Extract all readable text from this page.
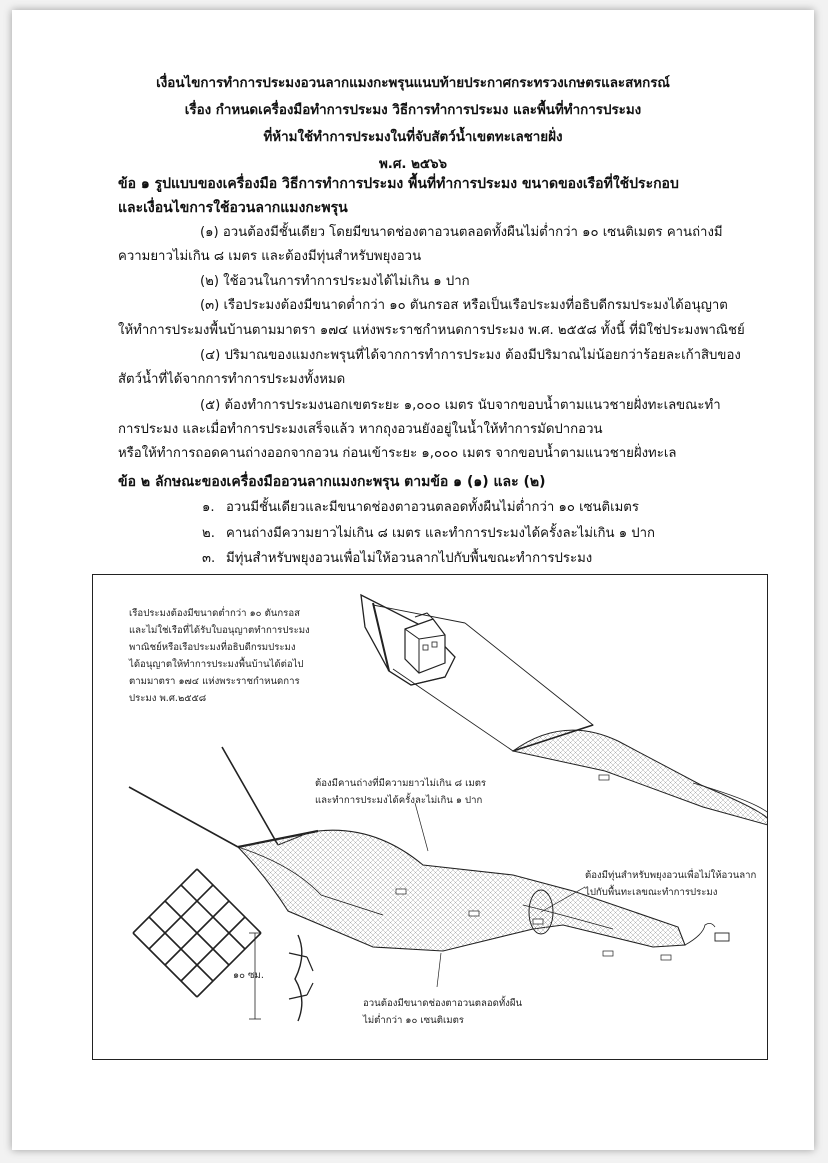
เงื่อนไขการทำการประมงอวนลากแมงกะพรุนแนบท้ายประกาศกระทรวงเกษตรและสหกรณ์
เรื่อง กำหนดเครื่องมือทำการประมง วิธีการทำการประมง และพื้นที่ทำการประมง
ที่ห้ามใช้ทำการประมงในที่จับสัตว์น้ำเขตทะเลชายฝั่ง
พ.ศ. ๒๕๖๖
ข้อ ๑ รูปแบบของเครื่องมือ วิธีการทำการประมง พื้นที่ทำการประมง ขนาดของเรือที่ใช้ประกอบ
และเงื่อนไขการใช้อวนลากแมงกะพรุน
(๑) อวนต้องมีชั้นเดียว โดยมีขนาดช่องตาอวนตลอดทั้งผืนไม่ต่ำกว่า ๑๐ เซนติเมตร คานถ่างมี
ความยาวไม่เกิน ๘ เมตร และต้องมีทุ่นสำหรับพยุงอวน
(๒) ใช้อวนในการทำการประมงได้ไม่เกิน ๑ ปาก
(๓) เรือประมงต้องมีขนาดต่ำกว่า ๑๐ ตันกรอส หรือเป็นเรือประมงที่อธิบดีกรมประมงได้อนุญาต
ให้ทำการประมงพื้นบ้านตามมาตรา ๑๗๔ แห่งพระราชกำหนดการประมง พ.ศ. ๒๕๕๘ ทั้งนี้ ที่มิใช่ประมงพาณิชย์
(๔) ปริมาณของแมงกะพรุนที่ได้จากการทำการประมง ต้องมีปริมาณไม่น้อยกว่าร้อยละเก้าสิบของ
สัตว์น้ำที่ได้จากการทำการประมงทั้งหมด
(๕) ต้องทำการประมงนอกเขตระยะ ๑,๐๐๐ เมตร นับจากขอบน้ำตามแนวชายฝั่งทะเลขณะทำ
การประมง และเมื่อทำการประมงเสร็จแล้ว หากถุงอวนยังอยู่ในน้ำให้ทำการมัดปากอวน
หรือให้ทำการถอดคานถ่างออกจากอวน ก่อนเข้าระยะ ๑,๐๐๐ เมตร จากขอบน้ำตามแนวชายฝั่งทะเล
ข้อ ๒ ลักษณะของเครื่องมืออวนลากแมงกะพรุน ตามข้อ ๑ (๑) และ (๒)
๑. อวนมีชั้นเดียวและมีขนาดช่องตาอวนตลอดทั้งผืนไม่ต่ำกว่า ๑๐ เซนติเมตร
๒. คานถ่างมีความยาวไม่เกิน ๘ เมตร และทำการประมงได้ครั้งละไม่เกิน ๑ ปาก
๓. มีทุ่นสำหรับพยุงอวนเพื่อไม่ให้อวนลากไปกับพื้นขณะทำการประมง
เรือประมงต้องมีขนาดต่ำกว่า ๑๐ ตันกรอส
และไม่ใช่เรือที่ได้รับใบอนุญาตทำการประมง
พาณิชย์หรือเรือประมงที่อธิบดีกรมประมง
ได้อนุญาตให้ทำการประมงพื้นบ้านได้ต่อไป
ตามมาตรา ๑๗๔ แห่งพระราชกำหนดการ
ประมง พ.ศ.๒๕๕๘
ต้องมีคานถ่างที่มีความยาวไม่เกิน ๘ เมตร
และทำการประมงได้ครั้งละไม่เกิน ๑ ปาก
ต้องมีทุ่นสำหรับพยุงอวนเพื่อไม่ให้อวนลาก
ไปกับพื้นทะเลขณะทำการประมง
อวนต้องมีขนาดช่องตาอวนตลอดทั้งผืน
ไม่ต่ำกว่า ๑๐ เซนติเมตร
๑๐ ซม.
